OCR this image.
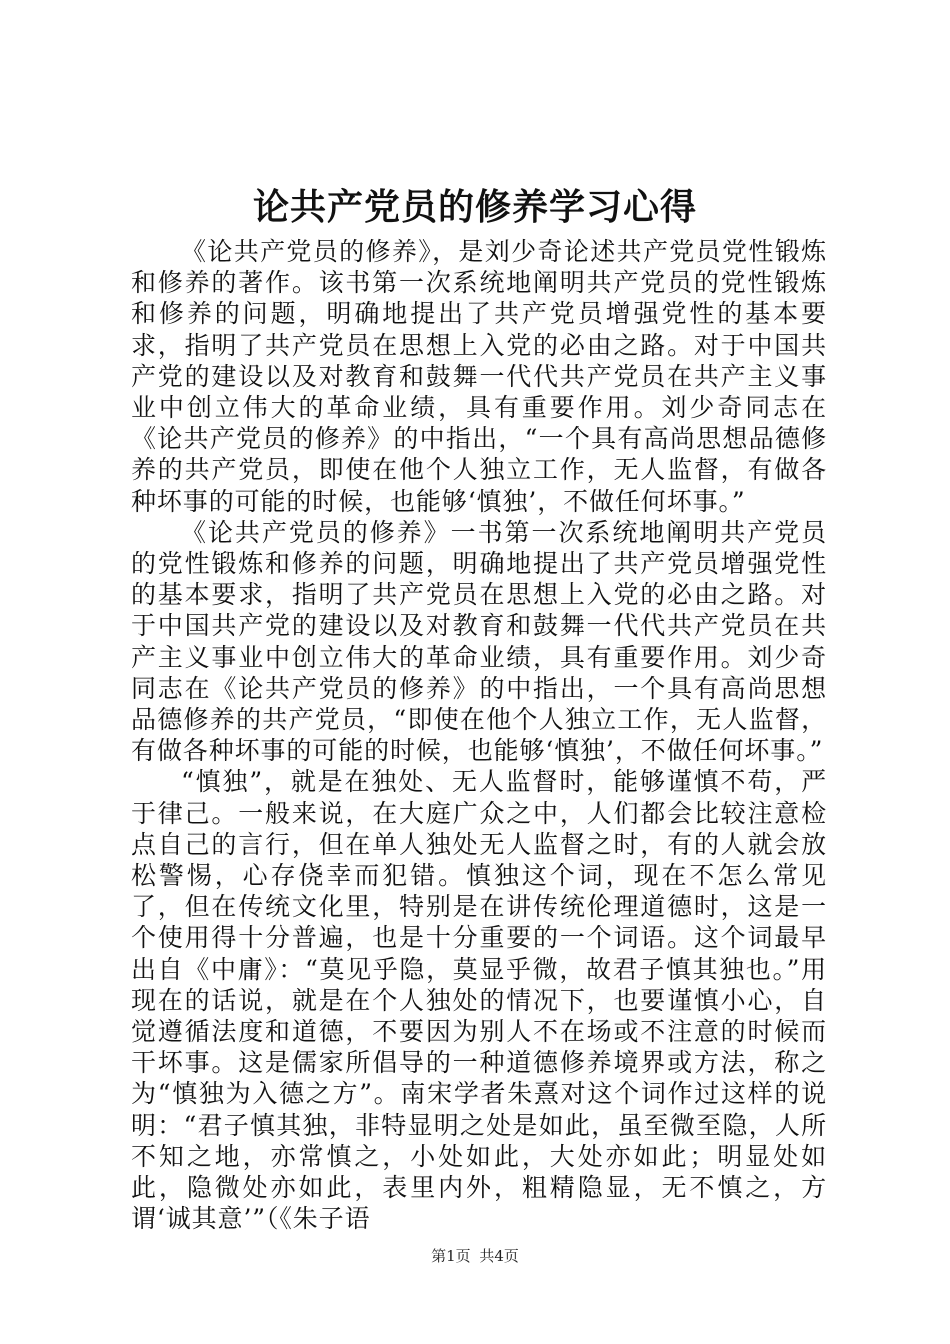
论共产党员的修养学习心得

《论共产党员的修养》，是刘少奇论述共产党员党性锻炼和修养的著作。该书第一次系统地阐明共产党员的党性锻炼和修养的问题，明确地提出了共产党员增强党性的基本要求，指明了共产党员在思想上入党的必由之路。对于中国共产党的建设以及对教育和鼓舞一代代共产党员在共产主义事业中创立伟大的革命业绩，具有重要作用。刘少奇同志在《论共产党员的修养》的中指出，“一个具有高尚思想品德修养的共产党员，即使在他个人独立工作，无人监督，有做各种坏事的可能的时候，也能够‘慎独’，不做任何坏事。”

《论共产党员的修养》一书第一次系统地阐明共产党员的党性锻炼和修养的问题，明确地提出了共产党员增强党性的基本要求，指明了共产党员在思想上入党的必由之路。对于中国共产党的建设以及对教育和鼓舞一代代共产党员在共产主义事业中创立伟大的革命业绩，具有重要作用。刘少奇同志在《论共产党员的修养》的中指出，一个具有高尚思想品德修养的共产党员，“即使在他个人独立工作，无人监督，有做各种坏事的可能的时候，也能够‘慎独’，不做任何坏事。”

“慎独”，就是在独处、无人监督时，能够谨慎不苟，严于律己。一般来说，在大庭广众之中，人们都会比较注意检点自己的言行，但在单人独处无人监督之时，有的人就会放松警惕，心存侥幸而犯错。慎独这个词，现在不怎么常见了，但在传统文化里，特别是在讲传统伦理道德时，这是一个使用得十分普遍，也是十分重要的一个词语。这个词最早出自《中庸》：“莫见乎隐，莫显乎微，故君子慎其独也。”用现在的话说，就是在个人独处的情况下，也要谨慎小心，自觉遵循法度和道德，不要因为别人不在场或不注意的时候而干坏事。这是儒家所倡导的一种道德修养境界或方法，称之为“慎独为入德之方”。南宋学者朱熹对这个词作过这样的说明：“君子慎其独，非特显明之处是如此，虽至微至隐，人所不知之地，亦常慎之，小处如此，大处亦如此；明显处如此，隐微处亦如此，表里内外，粗精隐显，无不慎之，方谓‘诚其意’”（《朱子语

第1页 共4页
